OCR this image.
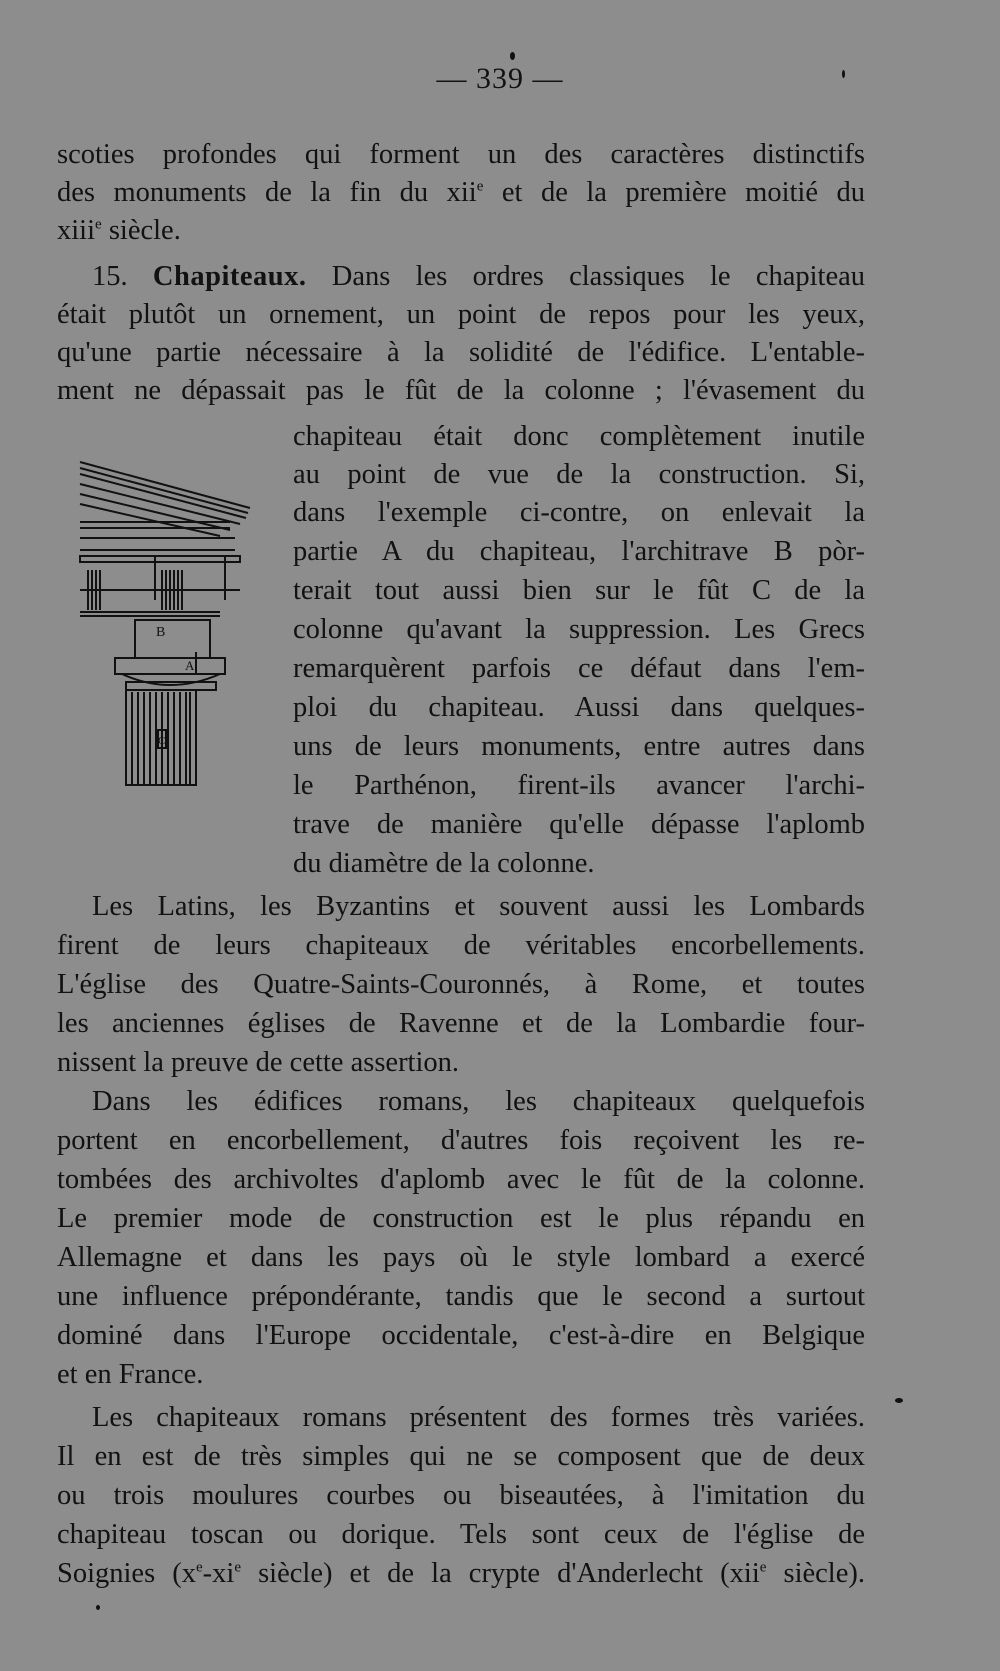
— 339 —
scoties profondes qui forment un des caractères distinctifs
des monuments de la fin du xii$^e$ et de la première moitié du
xiii$^e$ siècle.
15. Chapiteaux. Dans les ordres classiques le chapiteau
était plutôt un ornement, un point de repos pour les yeux,
qu'une partie nécessaire à la solidité de l'édifice. L'entable-
ment ne dépassait pas le fût de la colonne ; l'évasement du
chapiteau était donc complètement inutile
au point de vue de la construction. Si,
dans l'exemple ci-contre, on enlevait la
partie A du chapiteau, l'architrave B pòr-
terait tout aussi bien sur le fût C de la
colonne qu'avant la suppression. Les Grecs
remarquèrent parfois ce défaut dans l'em-
ploi du chapiteau. Aussi dans quelques-
uns de leurs monuments, entre autres dans
le Parthénon, firent-ils avancer l'archi-
trave de manière qu'elle dépasse l'aplomb
du diamètre de la colonne.
Les Latins, les Byzantins et souvent aussi les Lombards
firent de leurs chapiteaux de véritables encorbellements.
L'église des Quatre-Saints-Couronnés, à Rome, et toutes
les anciennes églises de Ravenne et de la Lombardie four-
nissent la preuve de cette assertion.
Dans les édifices romans, les chapiteaux quelquefois
portent en encorbellement, d'autres fois reçoivent les re-
tombées des archivoltes d'aplomb avec le fût de la colonne.
Le premier mode de construction est le plus répandu en
Allemagne et dans les pays où le style lombard a exercé
une influence prépondérante, tandis que le second a surtout
dominé dans l'Europe occidentale, c'est-à-dire en Belgique
et en France.
Les chapiteaux romans présentent des formes très variées.
Il en est de très simples qui ne se composent que de deux
ou trois moulures courbes ou biseautées, à l'imitation du
chapiteau toscan ou dorique. Tels sont ceux de l'église de
Soignies ($x^e-xi^e$ siècle) et de la crypte d'Anderlecht (xii$^e$ siècle).
B
A
C
